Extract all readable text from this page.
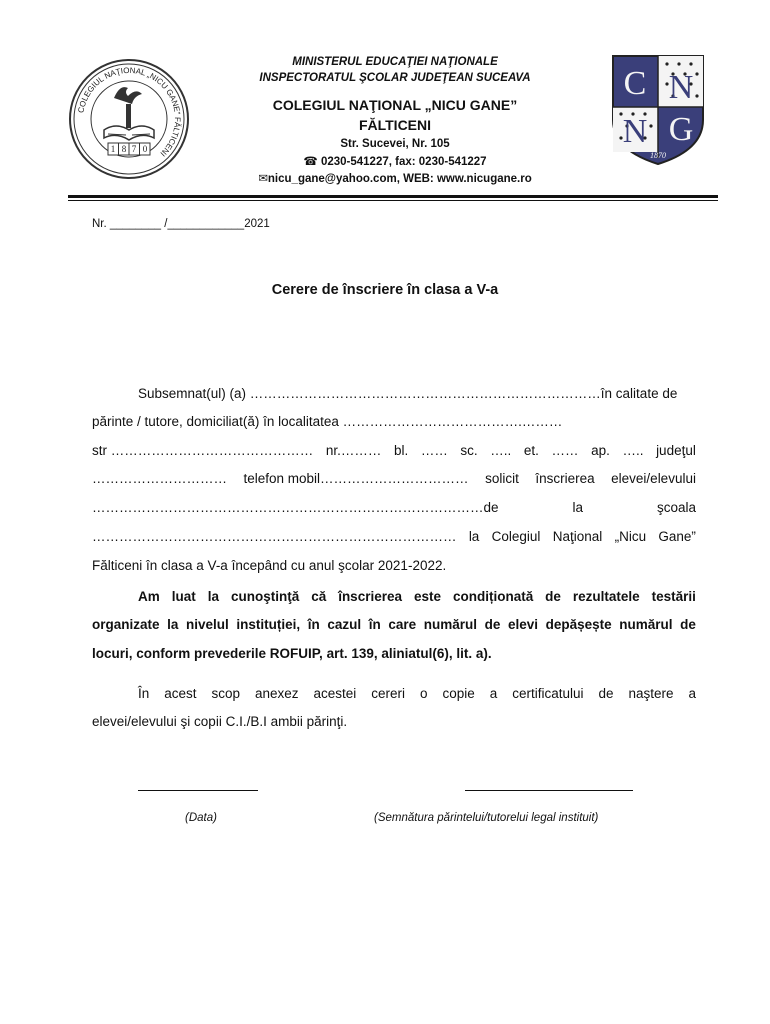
COLEGIUL NAŢIONAL „NICU GANE” FĂLTICENI
1 8 7 0
MINISTERUL EDUCAŢIEI NAŢIONALE
INSPECTORATUL ŞCOLAR JUDEŢEAN SUCEAVA
COLEGIUL NAŢIONAL „NICU GANE”
FĂLTICENI
Str. Sucevei, Nr. 105
☎ 0230-541227, fax: 0230-541227
✉nicu_gane@yahoo.com, WEB: www.nicugane.ro
C N
N G
1870
Nr. ________ /____________2021
Cerere de înscriere în clasa a V-a
Subsemnat(ul) (a) ……………………………………………………………………în calitate de
părinte / tutore, domiciliat(ă) în localitatea ………………………………….………
str ……………………………………… nr.……… bl. …… sc. ….. et. …… ap. ….. judeţul
………………………… telefon mobil…………………………… solicit înscrierea elevei/elevului
……………………………………………………………………………de	la	şcoala
……………………………………………………………………… la Colegiul Naţional „Nicu Gane”
Fălticeni în clasa a V-a începând cu anul şcolar 2021-2022.
Am luat la cunoştinţă că înscrierea este condiționată de rezultatele testării
organizate la nivelul instituției, în cazul în care numărul de elevi depășește numărul de
locuri, conform prevederile ROFUIP, art. 139, aliniatul(6), lit. a).
În acest scop anexez acestei cereri o copie a certificatului de naştere a
elevei/elevului şi copii C.I./B.I ambii părinţi.
(Data)	(Semnătura părintelui/tutorelui legal instituit)
